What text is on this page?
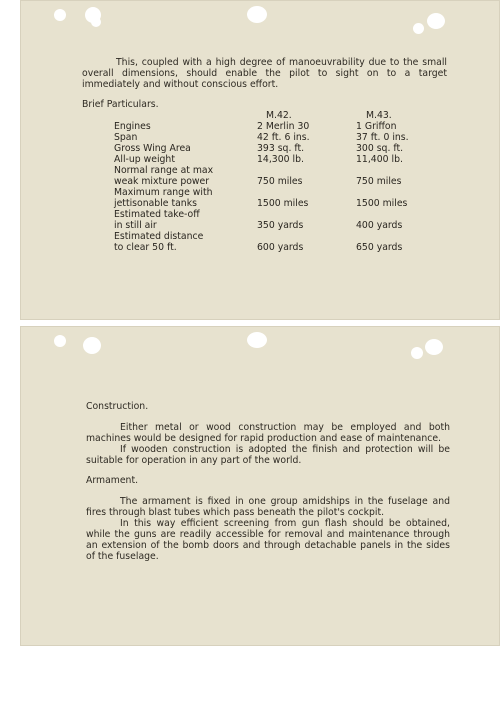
This, coupled with a high degree of manoeuvrability due to the small overall dimensions, should enable the pilot to sight on to a target immediately and without conscious effort.
Brief Particulars.
M.42.	M.43.
Engines	2 Merlin 30	1 Griffon
Span	42 ft. 6 ins.	37 ft. 0 ins.
Gross Wing Area	393 sq. ft.	300 sq. ft.
All-up weight	14,300 lb.	11,400 lb.
Normal range at max
weak mixture power	750 miles	750 miles
Maximum range with
jettisonable tanks	1500 miles	1500 miles
Estimated take-off
in still air	350 yards	400 yards
Estimated distance
to clear 50 ft.	600 yards	650 yards
Construction.
Either metal or wood construction may be employed and both machines would be designed for rapid production and ease of maintenance.
If wooden construction is adopted the finish and protection will be suitable for operation in any part of the world.
Armament.
The armament is fixed in one group amidships in the fuselage and fires through blast tubes which pass beneath the pilot's cockpit.
In this way efficient screening from gun flash should be obtained, while the guns are readily accessible for removal and maintenance through an extension of the bomb doors and through detachable panels in the sides of the fuselage.
